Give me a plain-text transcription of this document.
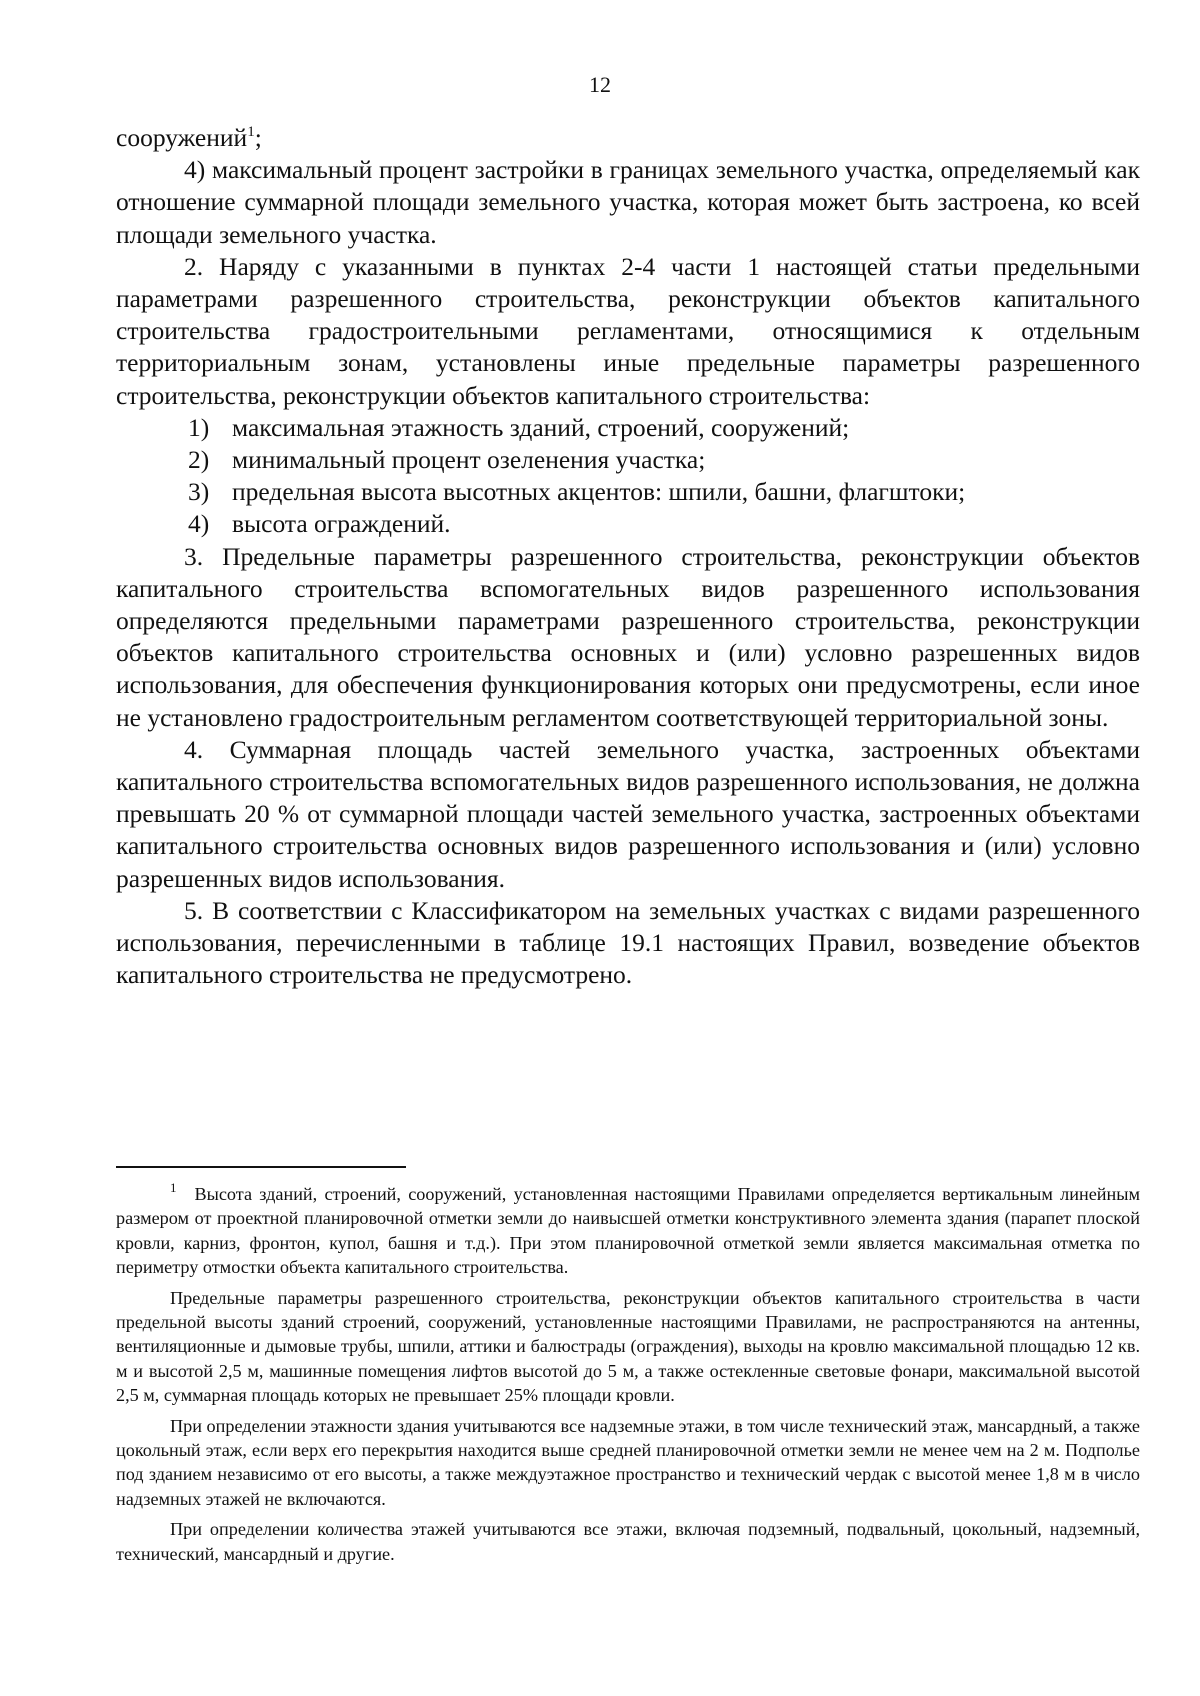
12

сооружений$^1$;

4) максимальный процент застройки в границах земельного участка, определяемый как отношение суммарной площади земельного участка, которая может быть застроена, ко всей площади земельного участка.

2. Наряду с указанными в пунктах 2-4 части 1 настоящей статьи предельными параметрами разрешенного строительства, реконструкции объектов капитального строительства градостроительными регламентами, относящимися к отдельным территориальным зонам, установлены иные предельные параметры разрешенного строительства, реконструкции объектов капитального строительства:

1) максимальная этажность зданий, строений, сооружений;
2) минимальный процент озеленения участка;
3) предельная высота высотных акцентов: шпили, башни, флагштоки;
4) высота ограждений.

3. Предельные параметры разрешенного строительства, реконструкции объектов капитального строительства вспомогательных видов разрешенного использования определяются предельными параметрами разрешенного строительства, реконструкции объектов капитального строительства основных и (или) условно разрешенных видов использования, для обеспечения функционирования которых они предусмотрены, если иное не установлено градостроительным регламентом соответствующей территориальной зоны.

4. Суммарная площадь частей земельного участка, застроенных объектами капитального строительства вспомогательных видов разрешенного использования, не должна превышать 20 % от суммарной площади частей земельного участка, застроенных объектами капитального строительства основных видов разрешенного использования и (или) условно разрешенных видов использования.

5. В соответствии с Классификатором на земельных участках с видами разрешенного использования, перечисленными в таблице 19.1 настоящих Правил, возведение объектов капитального строительства не предусмотрено.

$^1$ Высота зданий, строений, сооружений, установленная настоящими Правилами определяется вертикальным линейным размером от проектной планировочной отметки земли до наивысшей отметки конструктивного элемента здания (парапет плоской кровли, карниз, фронтон, купол, башня и т.д.). При этом планировочной отметкой земли является максимальная отметка по периметру отмостки объекта капитального строительства.

Предельные параметры разрешенного строительства, реконструкции объектов капитального строительства в части предельной высоты зданий строений, сооружений, установленные настоящими Правилами, не распространяются на антенны, вентиляционные и дымовые трубы, шпили, аттики и балюстрады (ограждения), выходы на кровлю максимальной площадью 12 кв. м и высотой 2,5 м, машинные помещения лифтов высотой до 5 м, а также остекленные световые фонари, максимальной высотой 2,5 м, суммарная площадь которых не превышает 25% площади кровли.

При определении этажности здания учитываются все надземные этажи, в том числе технический этаж, мансардный, а также цокольный этаж, если верх его перекрытия находится выше средней планировочной отметки земли не менее чем на 2 м. Подполье под зданием независимо от его высоты, а также междуэтажное пространство и технический чердак с высотой менее 1,8 м в число надземных этажей не включаются.

При определении количества этажей учитываются все этажи, включая подземный, подвальный, цокольный, надземный, технический, мансардный и другие.
